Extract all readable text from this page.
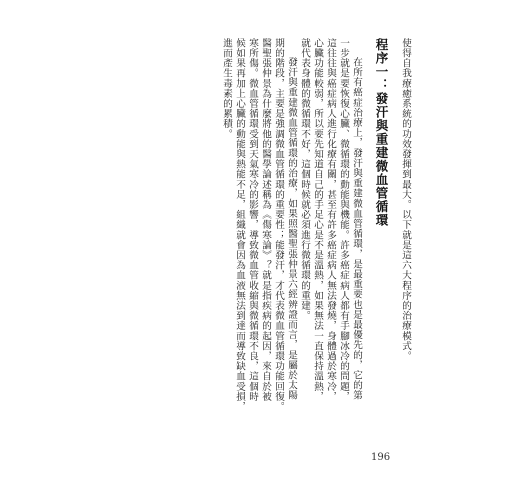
使得自我療癒系統的功效發揮到最大。以下就是這六大程序的治療模式。
程序一：發汗與重建微血管循環
在所有癌症治療上，發汗與重建微血管循環，是最重要也是最優先的，它的第
一步就是要恢復心臟、微循環的動能與機能。許多癌症病人都有手腳冰冷的問題，
這往往與癌症病人進行化療有關，甚至有許多癌症病人無法發燒，身體過於寒冷，
心臟功能較弱，所以要先知道自己的手足心是不是溫熱，如果無法一直保持溫熱，
就代表身體的微循環不好，這個時候就必須進行微循環的重建。
發汗與重建微血管循環的治療，如果照醫聖張仲景六經辨證而言，是屬於太陽
期的階段，主要是強調微血管循環的重要性；能發汗，才代表微血管循環功能回復。
醫聖張仲景為什麼將他的醫學論述稱為《傷寒論》？就是指疾病的起因，來自於被
寒所傷。微血管循環受到天氣寒冷的影響，導致微血管收縮與微循環不良，這個時
候如果再加上心臟的動能與熱能不足，組織就會因為血液無法到達而導致缺血受損，
進而產生毒素的累積。
196
